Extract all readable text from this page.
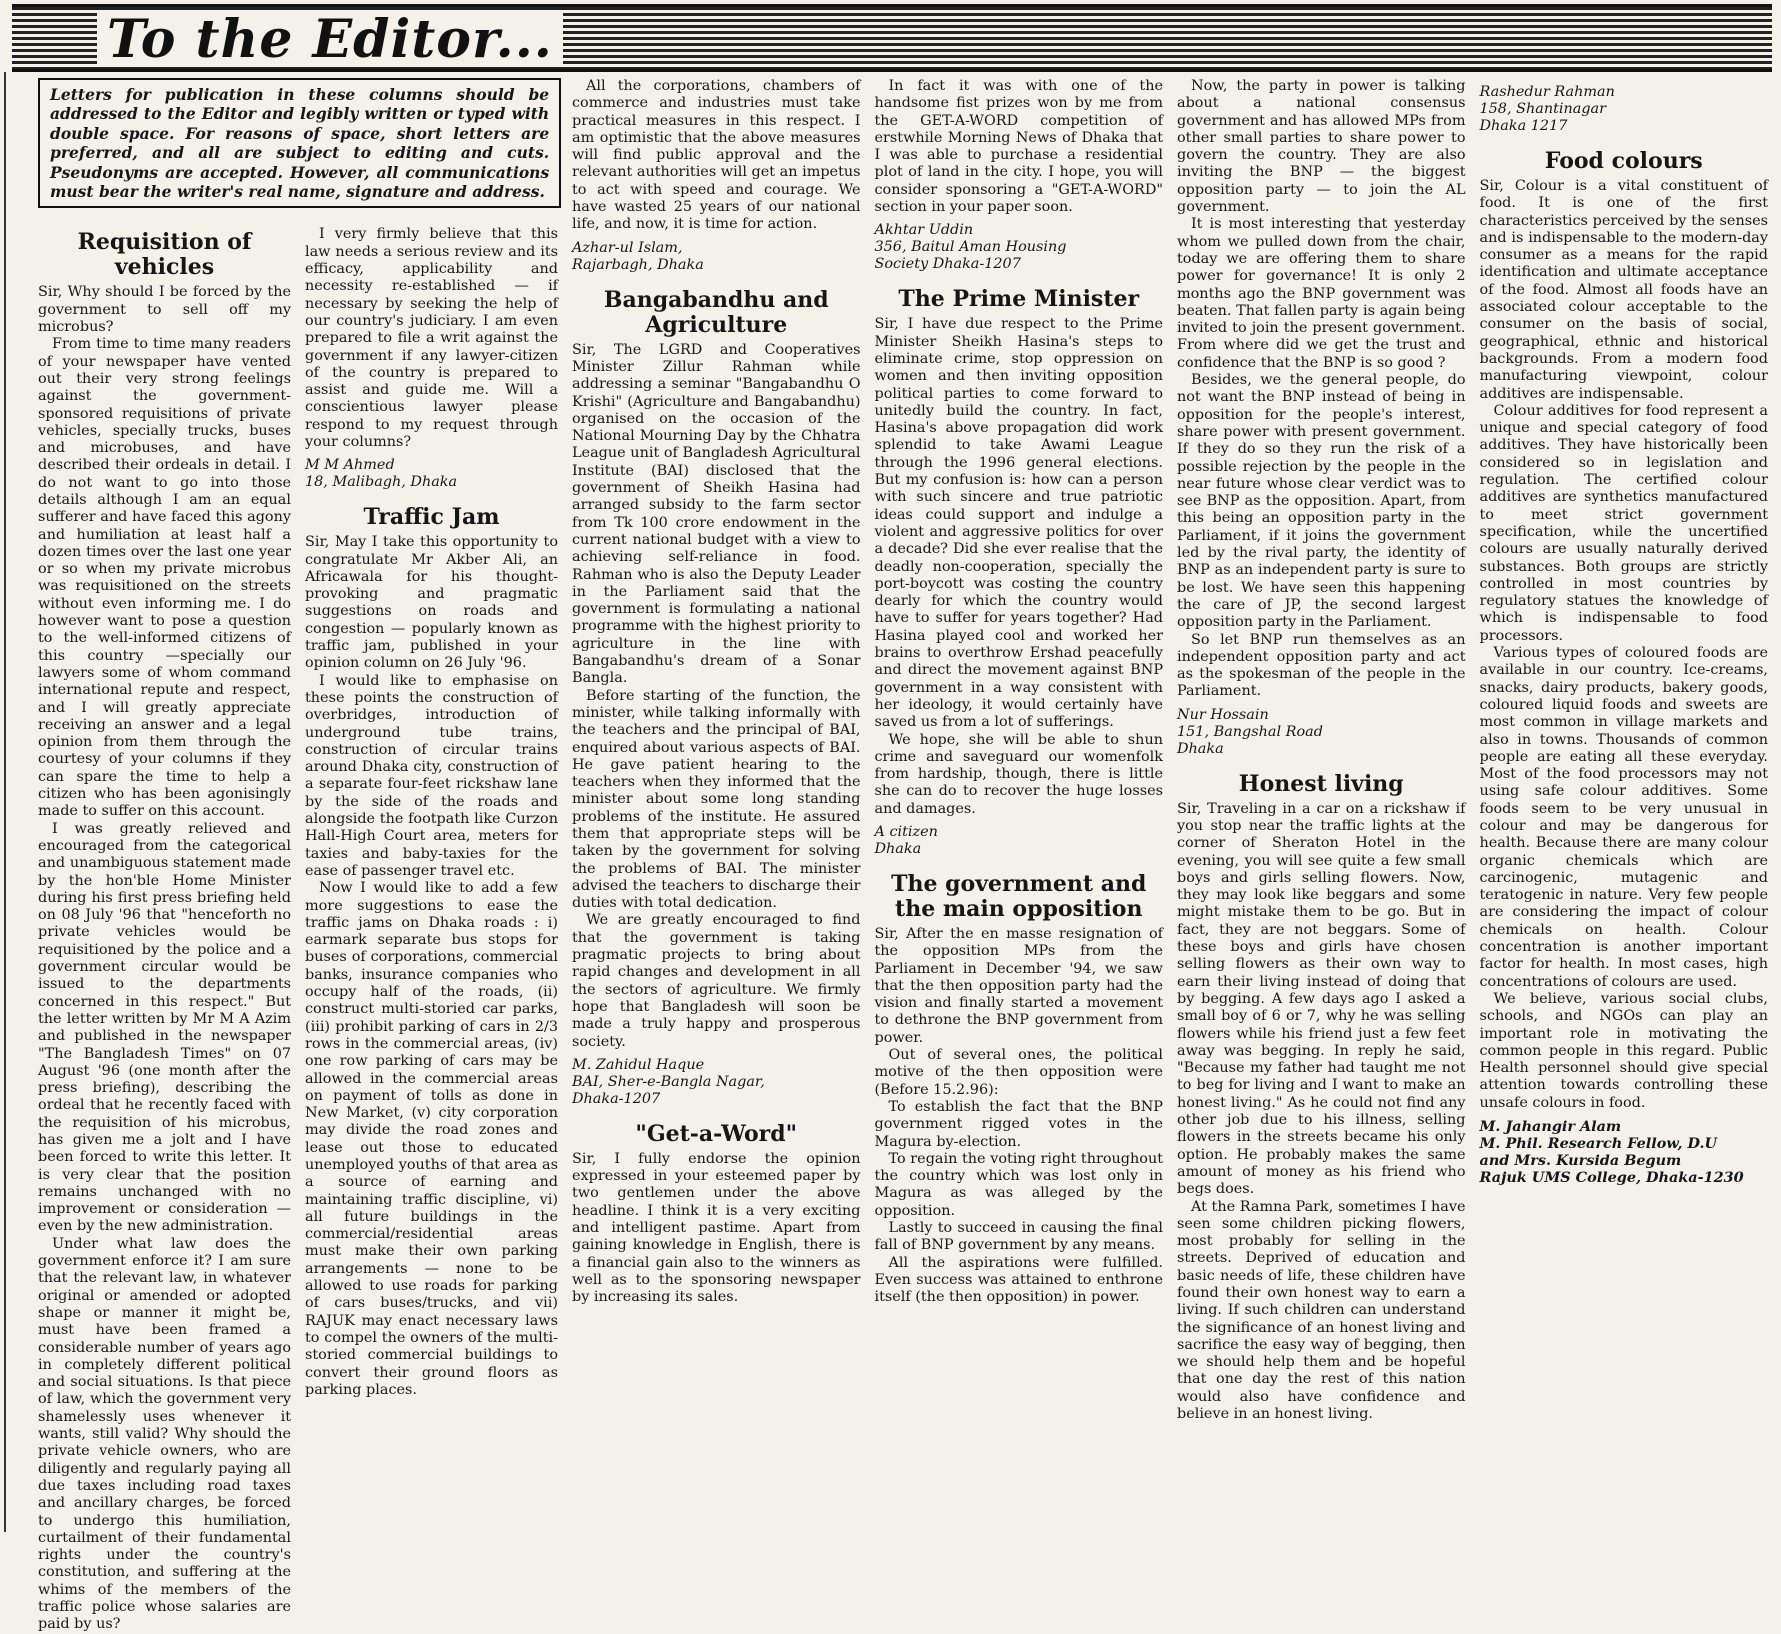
To the Editor...
Letters for publication in these columns should be addressed to the Editor and legibly written or typed with double space. For reasons of space, short letters are preferred, and all are subject to editing and cuts. Pseudonyms are accepted. However, all communications must bear the writer's real name, signature and address.
Requisition of vehicles

Sir, Why should I be forced by the government to sell off my microbus?

From time to time many readers of your newspaper have vented out their very strong feelings against the government-sponsored requisitions of private vehicles, specially trucks, buses and microbuses, and have described their ordeals in detail. I do not want to go into those details although I am an equal sufferer and have faced this agony and humiliation at least half a dozen times over the last one year or so when my private microbus was requisitioned on the streets without even informing me. I do however want to pose a question to the well-informed citizens of this country —specially our lawyers some of whom command international repute and respect, and I will greatly appreciate receiving an answer and a legal opinion from them through the courtesy of your columns if they can spare the time to help a citizen who has been agonisingly made to suffer on this account.

I was greatly relieved and encouraged from the categorical and unambiguous statement made by the hon'ble Home Minister during his first press briefing held on 08 July '96 that "henceforth no private vehicles would be requisitioned by the police and a government circular would be issued to the departments concerned in this respect." But the letter written by Mr M A Azim and published in the newspaper "The Bangladesh Times" on 07 August '96 (one month after the press briefing), describing the ordeal that he recently faced with the requisition of his microbus, has given me a jolt and I have been forced to write this letter. It is very clear that the position remains unchanged with no improvement or consideration —even by the new administration.

Under what law does the government enforce it? I am sure that the relevant law, in whatever original or amended or adopted shape or manner it might be, must have been framed a considerable number of years ago in completely different political and social situations. Is that piece of law, which the government very shamelessly uses whenever it wants, still valid? Why should the private vehicle owners, who are diligently and regularly paying all due taxes including road taxes and ancillary charges, be forced to undergo this humiliation, curtailment of their fundamental rights under the country's constitution, and suffering at the whims of the members of the traffic police whose salaries are paid by us?

I very firmly believe that this law needs a serious review and its efficacy, applicability and necessity re-established — if necessary by seeking the help of our country's judiciary. I am even prepared to file a writ against the government if any lawyer-citizen of the country is prepared to assist and guide me. Will a conscientious lawyer please respond to my request through your columns?

M M Ahmed
18, Malibagh, Dhaka
Traffic Jam

Sir, May I take this opportunity to congratulate Mr Akber Ali, an Africawala for his thought-provoking and pragmatic suggestions on roads and congestion — popularly known as traffic jam, published in your opinion column on 26 July '96.

I would like to emphasise on these points the construction of overbridges, introduction of underground tube trains, construction of circular trains around Dhaka city, construction of a separate four-feet rickshaw lane by the side of the roads and alongside the footpath like Curzon Hall-High Court area, meters for taxies and baby-taxies for the ease of passenger travel etc.

Now I would like to add a few more suggestions to ease the traffic jams on Dhaka roads : i) earmark separate bus stops for buses of corporations, commercial banks, insurance companies who occupy half of the roads, (ii) construct multi-storied car parks, (iii) prohibit parking of cars in 2/3 rows in the commercial areas, (iv) one row parking of cars may be allowed in the commercial areas on payment of tolls as done in New Market, (v) city corporation may divide the road zones and lease out those to educated unemployed youths of that area as a source of earning and maintaining traffic discipline, vi) all future buildings in the commercial/residential areas must make their own parking arrangements — none to be allowed to use roads for parking of cars buses/trucks, and vii) RAJUK may enact necessary laws to compel the owners of the multi-storied commercial buildings to convert their ground floors as parking places.

All the corporations, chambers of commerce and industries must take practical measures in this respect. I am optimistic that the above measures will find public approval and the relevant authorities will get an impetus to act with speed and courage. We have wasted 25 years of our national life, and now, it is time for action.

Azhar-ul Islam,
Rajarbagh, Dhaka
Bangabandhu and Agriculture

Sir, The LGRD and Cooperatives Minister Zillur Rahman while addressing a seminar "Bangabandhu O Krishi" (Agriculture and Bangabandhu) organised on the occasion of the National Mourning Day by the Chhatra League unit of Bangladesh Agricultural Institute (BAI) disclosed that the government of Sheikh Hasina had arranged subsidy to the farm sector from Tk 100 crore endowment in the current national budget with a view to achieving self-reliance in food. Rahman who is also the Deputy Leader in the Parliament said that the government is formulating a national programme with the highest priority to agriculture in the line with Bangabandhu's dream of a Sonar Bangla.

Before starting of the function, the minister, while talking informally with the teachers and the principal of BAI, enquired about various aspects of BAI. He gave patient hearing to the teachers when they informed that the minister about some long standing problems of the institute. He assured them that appropriate steps will be taken by the government for solving the problems of BAI. The minister advised the teachers to discharge their duties with total dedication.

We are greatly encouraged to find that the government is taking pragmatic projects to bring about rapid changes and development in all the sectors of agriculture. We firmly hope that Bangladesh will soon be made a truly happy and prosperous society.

M. Zahidul Haque
BAI, Sher-e-Bangla Nagar,
Dhaka-1207
"Get-a-Word"

Sir, I fully endorse the opinion expressed in your esteemed paper by two gentlemen under the above headline. I think it is a very exciting and intelligent pastime. Apart from gaining knowledge in English, there is a financial gain also to the winners as well as to the sponsoring newspaper by increasing its sales.

In fact it was with one of the handsome fist prizes won by me from the GET-A-WORD competition of erstwhile Morning News of Dhaka that I was able to purchase a residential plot of land in the city. I hope, you will consider sponsoring a "GET-A-WORD" section in your paper soon.

Akhtar Uddin
356, Baitul Aman Housing
Society Dhaka-1207
The Prime Minister

Sir, I have due respect to the Prime Minister Sheikh Hasina's steps to eliminate crime, stop oppression on women and then inviting opposition political parties to come forward to unitedly build the country. In fact, Hasina's above propagation did work splendid to take Awami League through the 1996 general elections. But my confusion is: how can a person with such sincere and true patriotic ideas could support and indulge a violent and aggressive politics for over a decade? Did she ever realise that the deadly non-cooperation, specially the port-boycott was costing the country dearly for which the country would have to suffer for years together? Had Hasina played cool and worked her brains to overthrow Ershad peacefully and direct the movement against BNP government in a way consistent with her ideology, it would certainly have saved us from a lot of sufferings.

We hope, she will be able to shun crime and saveguard our womenfolk from hardship, though, there is little she can do to recover the huge losses and damages.

A citizen
Dhaka
The government and the main opposition

Sir, After the en masse resignation of the opposition MPs from the Parliament in December '94, we saw that the then opposition party had the vision and finally started a movement to dethrone the BNP government from power.

Out of several ones, the political motive of the then opposition were (Before 15.2.96):

To establish the fact that the BNP government rigged votes in the Magura by-election.

To regain the voting right throughout the country which was lost only in Magura as was alleged by the opposition.

Lastly to succeed in causing the final fall of BNP government by any means.

All the aspirations were fulfilled. Even success was attained to enthrone itself (the then opposition) in power.

Now, the party in power is talking about a national consensus government and has allowed MPs from other small parties to share power to govern the country. They are also inviting the BNP — the biggest opposition party — to join the AL government.

It is most interesting that yesterday whom we pulled down from the chair, today we are offering them to share power for governance! It is only 2 months ago the BNP government was beaten. That fallen party is again being invited to join the present government. From where did we get the trust and confidence that the BNP is so good ?

Besides, we the general people, do not want the BNP instead of being in opposition for the people's interest, share power with present government. If they do so they run the risk of a possible rejection by the people in the near future whose clear verdict was to see BNP as the opposition. Apart, from this being an opposition party in the Parliament, if it joins the government led by the rival party, the identity of BNP as an independent party is sure to be lost. We have seen this happening the care of JP, the second largest opposition party in the Parliament.

So let BNP run themselves as an independent opposition party and act as the spokesman of the people in the Parliament.

Nur Hossain
151, Bangshal Road
Dhaka
Honest living

Sir, Traveling in a car on a rickshaw if you stop near the traffic lights at the corner of Sheraton Hotel in the evening, you will see quite a few small boys and girls selling flowers. Now, they may look like beggars and some might mistake them to be go. But in fact, they are not beggars. Some of these boys and girls have chosen selling flowers as their own way to earn their living instead of doing that by begging. A few days ago I asked a small boy of 6 or 7, why he was selling flowers while his friend just a few feet away was begging. In reply he said, "Because my father had taught me not to beg for living and I want to make an honest living." As he could not find any other job due to his illness, selling flowers in the streets became his only option. He probably makes the same amount of money as his friend who begs does.

At the Ramna Park, sometimes I have seen some children picking flowers, most probably for selling in the streets. Deprived of education and basic needs of life, these children have found their own honest way to earn a living. If such children can understand the significance of an honest living and sacrifice the easy way of begging, then we should help them and be hopeful that one day the rest of this nation would also have confidence and believe in an honest living.

Rashedur Rahman
158, Shantinagar
Dhaka 1217
Food colours

Sir, Colour is a vital constituent of food. It is one of the first characteristics perceived by the senses and is indispensable to the modern-day consumer as a means for the rapid identification and ultimate acceptance of the food. Almost all foods have an associated colour acceptable to the consumer on the basis of social, geographical, ethnic and historical backgrounds. From a modern food manufacturing viewpoint, colour additives are indispensable.

Colour additives for food represent a unique and special category of food additives. They have historically been considered so in legislation and regulation. The certified colour additives are synthetics manufactured to meet strict government specification, while the uncertified colours are usually naturally derived substances. Both groups are strictly controlled in most countries by regulatory statues the knowledge of which is indispensable to food processors.

Various types of coloured foods are available in our country. Ice-creams, snacks, dairy products, bakery goods, coloured liquid foods and sweets are most common in village markets and also in towns. Thousands of common people are eating all these everyday. Most of the food processors may not using safe colour additives. Some foods seem to be very unusual in colour and may be dangerous for health. Because there are many colour organic chemicals which are carcinogenic, mutagenic and teratogenic in nature. Very few people are considering the impact of colour chemicals on health. Colour concentration is another important factor for health. In most cases, high concentrations of colours are used.

We believe, various social clubs, schools, and NGOs can play an important role in motivating the common people in this regard. Public Health personnel should give special attention towards controlling these unsafe colours in food.

M. Jahangir Alam
M. Phil. Research Fellow, D.U
and Mrs. Kursida Begum
Rajuk UMS College, Dhaka-1230
